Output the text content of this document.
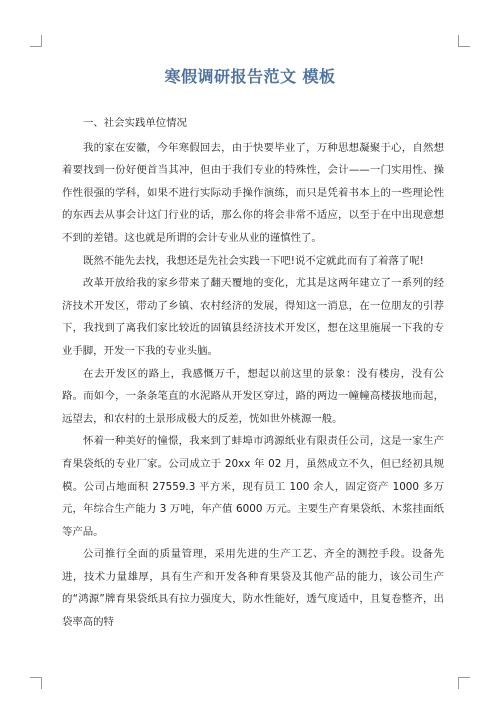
寒假调研报告范文 模板

一、社会实践单位情况

我的家在安徽，今年寒假回去，由于快要毕业了，万种思想凝聚于心，自然想着要找到一份好便首当其冲，但由于我们专业的特殊性，会计——一门实用性、操作性很强的学科，如果不进行实际动手操作演练，而只是凭着书本上的一些理论性的东西去从事会计这门行业的话，那么你的将会非常不适应，以至于在中出现意想不到的差错。这也就是所谓的会计专业从业的谨慎性了。

既然不能先去找，我想还是先社会实践一下吧!说不定就此而有了着落了呢!

改革开放给我的家乡带来了翻天覆地的变化，尤其是这两年建立了一系列的经济技术开发区，带动了乡镇、农村经济的发展，得知这一消息，在一位朋友的引荐下，我找到了离我们家比较近的固镇县经济技术开发区，想在这里施展一下我的专业手脚，开发一下我的专业头脑。

在去开发区的路上，我感慨万千，想起以前这里的景象：没有楼房，没有公路。而如今，一条条笔直的水泥路从开发区穿过，路的两边一幢幢高楼拔地而起，远望去，和农村的土景形成极大的反差，恍如世外桃源一般。

怀着一种美好的憧憬，我来到了蚌埠市鸿源纸业有限责任公司，这是一家生产育果袋纸的专业厂家。公司成立于 20xx 年 02 月，虽然成立不久，但已经初具规模。公司占地面积 27559.3 平方米，现有员工 100 余人，固定资产 1000 多万元，年综合生产能力 3 万吨，年产值 6000 万元。主要生产育果袋纸、木浆挂面纸等产品。

公司推行全面的质量管理，采用先进的生产工艺、齐全的测控手段。设备先进，技术力量雄厚，具有生产和开发各种育果袋及其他产品的能力，该公司生产的“鸿源”牌育果袋纸具有拉力强度大，防水性能好，透气度适中，且复卷整齐，出袋率高的特
